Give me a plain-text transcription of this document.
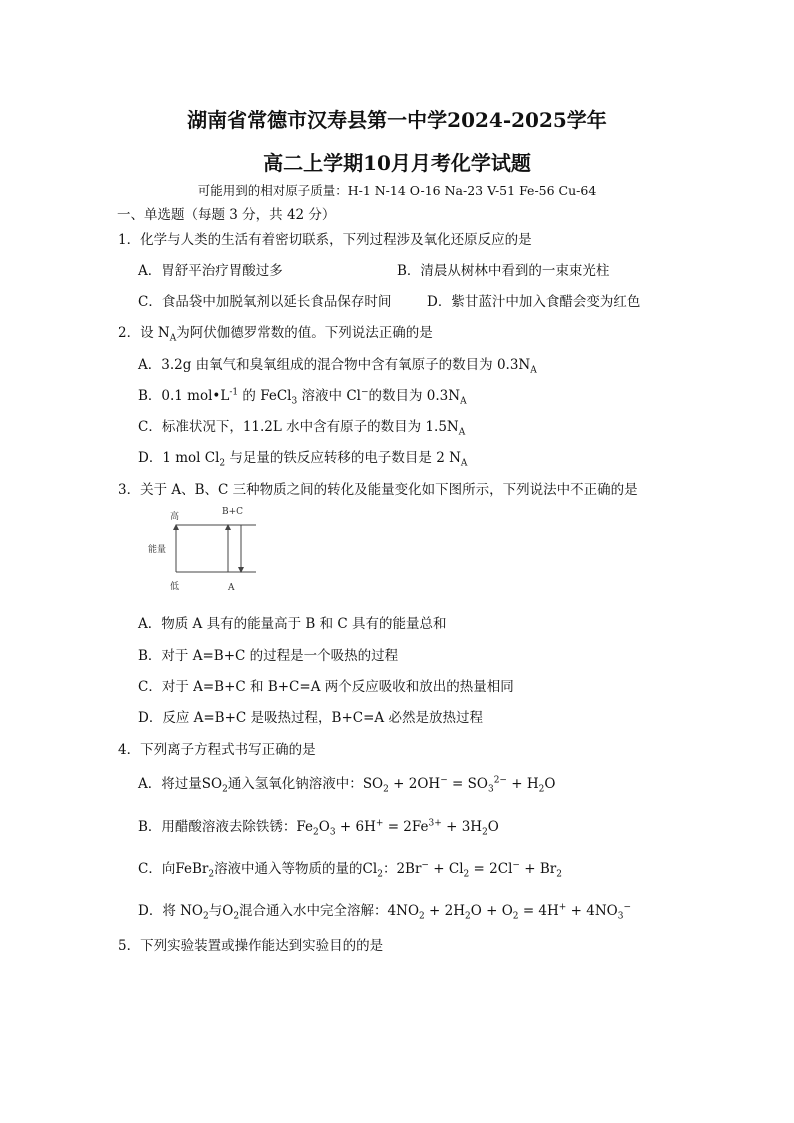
湖南省常德市汉寿县第一中学2024-2025学年
高二上学期10月月考化学试题
可能用到的相对原子质量：H-1 N-14 O-16 Na-23 V-51 Fe-56 Cu-64
一、单选题（每题 3 分，共 42 分）
1．化学与人类的生活有着密切联系，下列过程涉及氧化还原反应的是
A．胃舒平治疗胃酸过多	B．清晨从树林中看到的一束束光柱
C．食品袋中加脱氧剂以延长食品保存时间	D．紫甘蓝汁中加入食醋会变为红色
2．设 $N_A$为阿伏伽德罗常数的值。下列说法正确的是
A．3.2g 由氧气和臭氧组成的混合物中含有氧原子的数目为 $0.3N_A$
B．0.1 $mol•L^{-1}$ 的 FeCl$_3$ 溶液中 Cl−的数目为 $0.3N_A$
C．标准状况下，11.2L 水中含有原子的数目为 $1.5N_A$
D．1 mol $Cl_2$ 与足量的铁反应转移的电子数目是 2 $N_A$
3．关于 A、B、C 三种物质之间的转化及能量变化如下图所示，下列说法中不正确的是
高	B+C
能量
低	A
A．物质 A 具有的能量高于 B 和 C 具有的能量总和
B．对于 A=B+C 的过程是一个吸热的过程
C．对于 A=B+C 和 B+C=A 两个反应吸收和放出的热量相同
D．反应 A=B+C 是吸热过程，B+C=A 必然是放热过程
4．下列离子方程式书写正确的是
A．将过量$SO_2$通入氢氧化钠溶液中：$SO_2 + 2OH^- = SO_3^{2-} + H_2O$
B．用醋酸溶液去除铁锈：$Fe_2O_3 + 6H^+ = 2Fe^{3+} + 3H_2O$
C．向FeBr$_2$溶液中通入等物质的量的$Cl_2$：$2Br^- + Cl_2 = 2Cl^- + Br_2$
D．将 $NO_2$与$O_2$混合通入水中完全溶解：$4NO_2 + 2H_2O + O_2 = 4H^+ + 4NO_3^-$
5．下列实验装置或操作能达到实验目的的是
